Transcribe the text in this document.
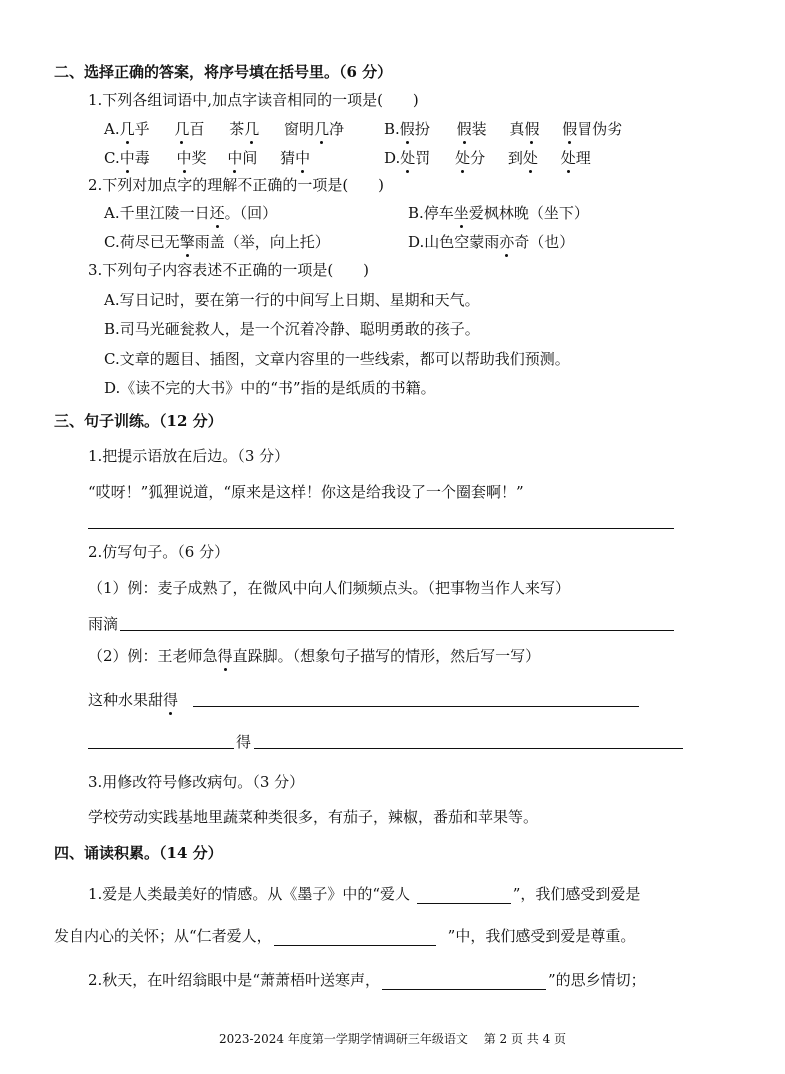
二、选择正确的答案，将序号填在括号里。（6 分）
1.下列各组词语中,加点字读音相同的一项是(　　)
A.几乎 几百 茶几 窗明几净	B.假扮 假装 真假 假冒伪劣
C.中毒 中奖 中间 猜中	D.处罚 处分 到处 处理
2.下列对加点字的理解不正确的一项是(　　)
A.千里江陵一日还。（回）	B.停车坐爱枫林晚（坐下）
C.荷尽已无擎雨盖（举，向上托）	D.山色空蒙雨亦奇（也）
3.下列句子内容表述不正确的一项是(　　)
A.写日记时，要在第一行的中间写上日期、星期和天气。
B.司马光砸瓮救人，是一个沉着冷静、聪明勇敢的孩子。
C.文章的题目、插图，文章内容里的一些线索，都可以帮助我们预测。
D.《读不完的大书》中的“书”指的是纸质的书籍。
三、句子训练。（12 分）
1.把提示语放在后边。（3 分）
“哎呀！”狐狸说道，“原来是这样！你这是给我设了一个圈套啊！”
2.仿写句子。（6 分）
（1）例：麦子成熟了，在微风中向人们频频点头。（把事物当作人来写）
雨滴
（2）例：王老师急得直跺脚。（想象句子描写的情形，然后写一写）
这种水果甜得
得
3.用修改符号修改病句。（3 分）
学校劳动实践基地里蔬菜种类很多，有茄子，辣椒，番茄和苹果等。
四、诵读积累。（14 分）
1.爱是人类最美好的情感。从《墨子》中的“爱人	”，我们感受到爱是
发自内心的关怀；从“仁者爱人，	”中，我们感受到爱是尊重。
2.秋天，在叶绍翁眼中是“萧萧梧叶送寒声，	”的思乡情切；
2023-2024 年度第一学期学情调研三年级语文　 第 2 页 共 4 页
